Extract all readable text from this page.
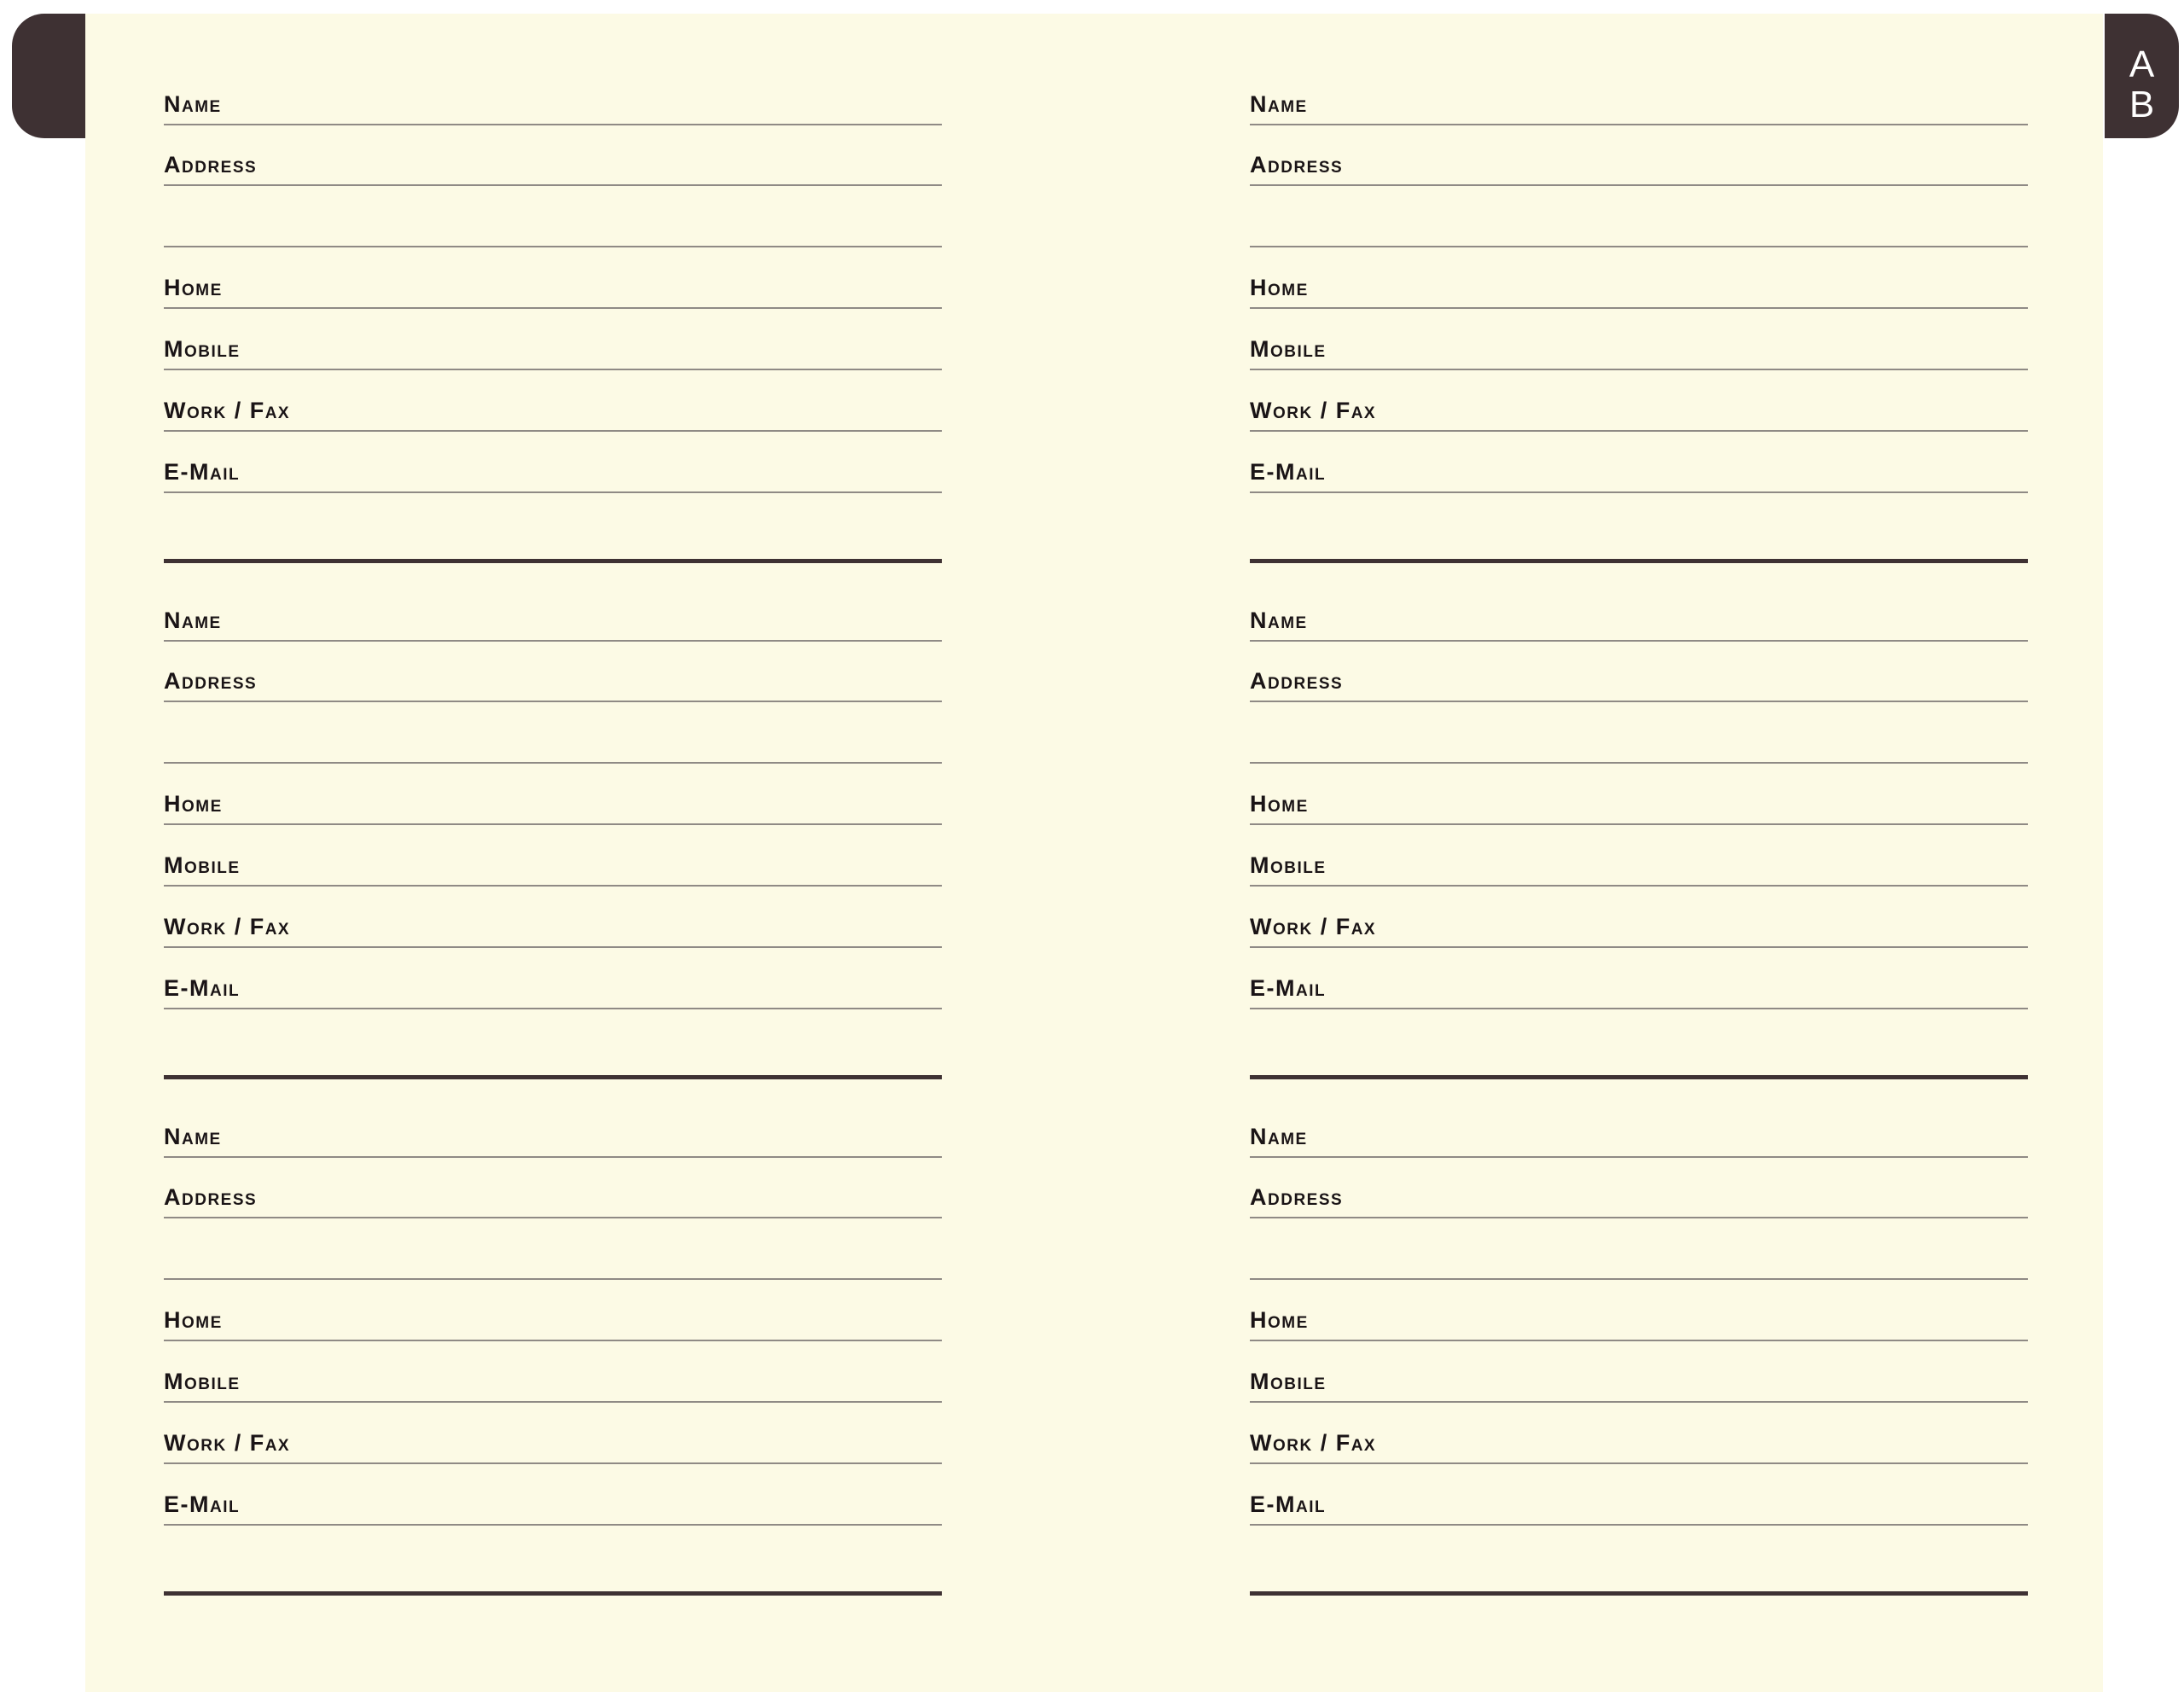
A
B
Name
Address
Home
Mobile
Work / Fax
E-Mail
Name
Address
Home
Mobile
Work / Fax
E-Mail
Name
Address
Home
Mobile
Work / Fax
E-Mail
Name
Address
Home
Mobile
Work / Fax
E-Mail
Name
Address
Home
Mobile
Work / Fax
E-Mail
Name
Address
Home
Mobile
Work / Fax
E-Mail
